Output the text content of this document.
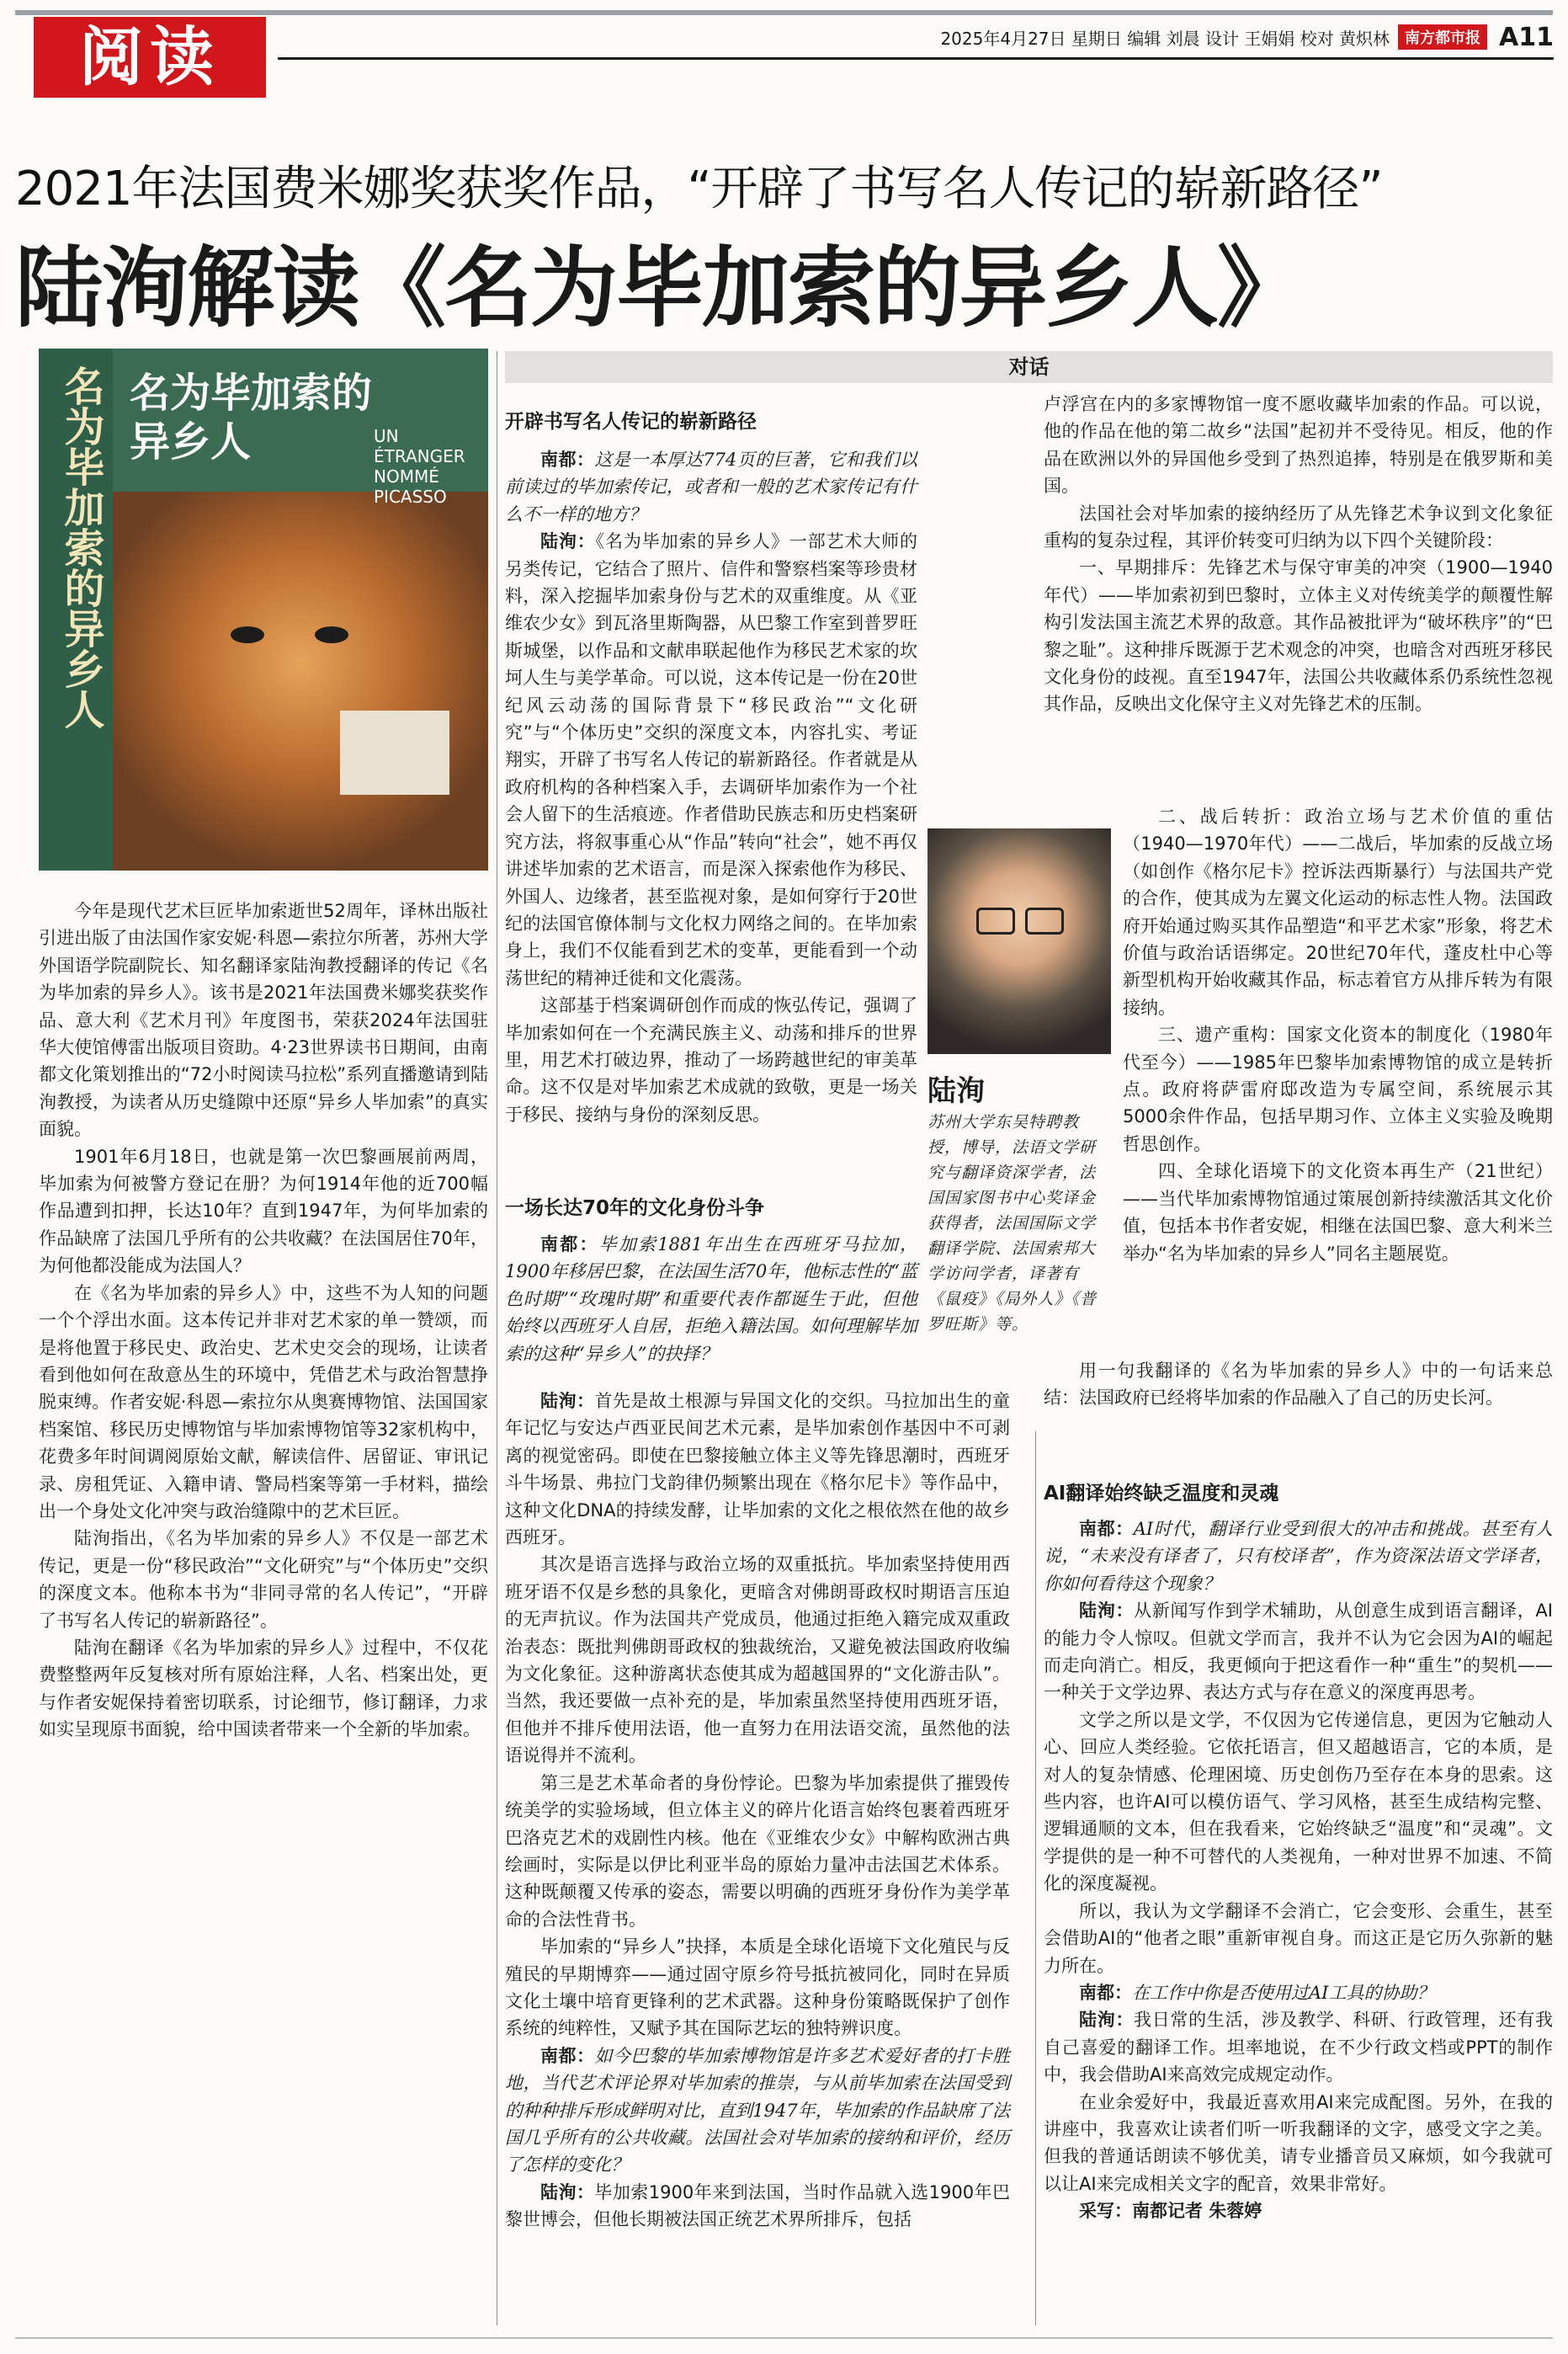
阅读	2025年4月27日 星期日 编辑 刘晨 设计 王娟娟 校对 黄炽林	南方都市报 A11
2021年法国费米娜奖获奖作品，“开辟了书写名人传记的崭新路径”
陆洵解读《名为毕加索的异乡人》
名为毕加索的异乡人 名为毕加索的
异乡人	UN ÉTRANGER NOMMÉ PICASSO

今年是现代艺术巨匠毕加索逝世52周年，译林出版社引进出版了由法国作家安妮·科恩—索拉尔所著，苏州大学外国语学院副院长、知名翻译家陆洵教授翻译的传记《名为毕加索的异乡人》。该书是2021年法国费米娜奖获奖作品、意大利《艺术月刊》年度图书，荣获2024年法国驻华大使馆傅雷出版项目资助。4·23世界读书日期间，由南都文化策划推出的“72小时阅读马拉松”系列直播邀请到陆洵教授，为读者从历史缝隙中还原“异乡人毕加索”的真实面貌。

1901年6月18日，也就是第一次巴黎画展前两周，毕加索为何被警方登记在册？为何1914年他的近700幅作品遭到扣押，长达10年？直到1947年，为何毕加索的作品缺席了法国几乎所有的公共收藏？在法国居住70年，为何他都没能成为法国人？

在《名为毕加索的异乡人》中，这些不为人知的问题一个个浮出水面。这本传记并非对艺术家的单一赞颂，而是将他置于移民史、政治史、艺术史交会的现场，让读者看到他如何在敌意丛生的环境中，凭借艺术与政治智慧挣脱束缚。作者安妮·科恩—索拉尔从奥赛博物馆、法国国家档案馆、移民历史博物馆与毕加索博物馆等32家机构中，花费多年时间调阅原始文献，解读信件、居留证、审讯记录、房租凭证、入籍申请、警局档案等第一手材料，描绘出一个身处文化冲突与政治缝隙中的艺术巨匠。

陆洵指出，《名为毕加索的异乡人》不仅是一部艺术传记，更是一份“移民政治”“文化研究”与“个体历史”交织的深度文本。他称本书为“非同寻常的名人传记”，“开辟了书写名人传记的崭新路径”。

陆洵在翻译《名为毕加索的异乡人》过程中，不仅花费整整两年反复核对所有原始注释，人名、档案出处，更与作者安妮保持着密切联系，讨论细节，修订翻译，力求如实呈现原书面貌，给中国读者带来一个全新的毕加索。

对话
开辟书写名人传记的崭新路径

南都：这是一本厚达774页的巨著，它和我们以前读过的毕加索传记，或者和一般的艺术家传记有什么不一样的地方？

陆洵：《名为毕加索的异乡人》一部艺术大师的另类传记，它结合了照片、信件和警察档案等珍贵材料，深入挖掘毕加索身份与艺术的双重维度。从《亚维农少女》到瓦洛里斯陶器，从巴黎工作室到普罗旺斯城堡，以作品和文献串联起他作为移民艺术家的坎坷人生与美学革命。可以说，这本传记是一份在20世纪风云动荡的国际背景下“移民政治”“文化研究”与“个体历史”交织的深度文本，内容扎实、考证翔实，开辟了书写名人传记的崭新路径。作者就是从政府机构的各种档案入手，去调研毕加索作为一个社会人留下的生活痕迹。作者借助民族志和历史档案研究方法，将叙事重心从“作品”转向“社会”，她不再仅讲述毕加索的艺术语言，而是深入探索他作为移民、外国人、边缘者，甚至监视对象，是如何穿行于20世纪的法国官僚体制与文化权力网络之间的。在毕加索身上，我们不仅能看到艺术的变革，更能看到一个动荡世纪的精神迁徙和文化震荡。

这部基于档案调研创作而成的恢弘传记，强调了毕加索如何在一个充满民族主义、动荡和排斥的世界里，用艺术打破边界，推动了一场跨越世纪的审美革命。这不仅是对毕加索艺术成就的致敬，更是一场关于移民、接纳与身份的深刻反思。

陆洵
苏州大学东吴特聘教授，博导，法语文学研究与翻译资深学者，法国国家图书中心奖译金获得者，法国国际文学翻译学院、法国索邦大学访问学者，译著有《鼠疫》《局外人》《普罗旺斯》等。
一场长达70年的文化身份斗争

南都：毕加索1881年出生在西班牙马拉加，1900年移居巴黎，在法国生活70年，他标志性的“蓝色时期”“玫瑰时期”和重要代表作都诞生于此，但他始终以西班牙人自居，拒绝入籍法国。如何理解毕加索的这种“异乡人”的抉择？

陆洵：首先是故土根源与异国文化的交织。马拉加出生的童年记忆与安达卢西亚民间艺术元素，是毕加索创作基因中不可剥离的视觉密码。即使在巴黎接触立体主义等先锋思潮时，西班牙斗牛场景、弗拉门戈韵律仍频繁出现在《格尔尼卡》等作品中，这种文化DNA的持续发酵，让毕加索的文化之根依然在他的故乡西班牙。

其次是语言选择与政治立场的双重抵抗。毕加索坚持使用西班牙语不仅是乡愁的具象化，更暗含对佛朗哥政权时期语言压迫的无声抗议。作为法国共产党成员，他通过拒绝入籍完成双重政治表态：既批判佛朗哥政权的独裁统治，又避免被法国政府收编为文化象征。这种游离状态使其成为超越国界的“文化游击队”。当然，我还要做一点补充的是，毕加索虽然坚持使用西班牙语，但他并不排斥使用法语，他一直努力在用法语交流，虽然他的法语说得并不流利。

第三是艺术革命者的身份悖论。巴黎为毕加索提供了摧毁传统美学的实验场域，但立体主义的碎片化语言始终包裹着西班牙巴洛克艺术的戏剧性内核。他在《亚维农少女》中解构欧洲古典绘画时，实际是以伊比利亚半岛的原始力量冲击法国艺术体系。这种既颠覆又传承的姿态，需要以明确的西班牙身份作为美学革命的合法性背书。

毕加索的“异乡人”抉择，本质是全球化语境下文化殖民与反殖民的早期博弈——通过固守原乡符号抵抗被同化，同时在异质文化土壤中培育更锋利的艺术武器。这种身份策略既保护了创作系统的纯粹性，又赋予其在国际艺坛的独特辨识度。

南都：如今巴黎的毕加索博物馆是许多艺术爱好者的打卡胜地，当代艺术评论界对毕加索的推崇，与从前毕加索在法国受到的种种排斥形成鲜明对比，直到1947年，毕加索的作品缺席了法国几乎所有的公共收藏。法国社会对毕加索的接纳和评价，经历了怎样的变化？

陆洵：毕加索1900年来到法国，当时作品就入选1900年巴黎世博会，但他长期被法国正统艺术界所排斥，包括

卢浮宫在内的多家博物馆一度不愿收藏毕加索的作品。可以说，他的作品在他的第二故乡“法国”起初并不受待见。相反，他的作品在欧洲以外的异国他乡受到了热烈追捧，特别是在俄罗斯和美国。

法国社会对毕加索的接纳经历了从先锋艺术争议到文化象征重构的复杂过程，其评价转变可归纳为以下四个关键阶段：

一、早期排斥：先锋艺术与保守审美的冲突（1900—1940年代）——毕加索初到巴黎时，立体主义对传统美学的颠覆性解构引发法国主流艺术界的敌意。其作品被批评为“破坏秩序”的“巴黎之耻”。这种排斥既源于艺术观念的冲突，也暗含对西班牙移民文化身份的歧视。直至1947年，法国公共收藏体系仍系统性忽视其作品，反映出文化保守主义对先锋艺术的压制。

二、战后转折：政治立场与艺术价值的重估（1940—1970年代）——二战后，毕加索的反战立场（如创作《格尔尼卡》控诉法西斯暴行）与法国共产党的合作，使其成为左翼文化运动的标志性人物。法国政府开始通过购买其作品塑造“和平艺术家”形象，将艺术价值与政治话语绑定。20世纪70年代，蓬皮杜中心等新型机构开始收藏其作品，标志着官方从排斥转为有限接纳。

三、遗产重构：国家文化资本的制度化（1980年代至今）——1985年巴黎毕加索博物馆的成立是转折点。政府将萨雷府邸改造为专属空间，系统展示其5000余件作品，包括早期习作、立体主义实验及晚期哲思创作。

四、全球化语境下的文化资本再生产（21世纪）——当代毕加索博物馆通过策展创新持续激活其文化价值，包括本书作者安妮，相继在法国巴黎、意大利米兰举办“名为毕加索的异乡人”同名主题展览。

用一句我翻译的《名为毕加索的异乡人》中的一句话来总结：法国政府已经将毕加索的作品融入了自己的历史长河。

AI翻译始终缺乏温度和灵魂

南都：AI时代，翻译行业受到很大的冲击和挑战。甚至有人说，“未来没有译者了，只有校译者”，作为资深法语文学译者，你如何看待这个现象？

陆洵：从新闻写作到学术辅助，从创意生成到语言翻译，AI的能力令人惊叹。但就文学而言，我并不认为它会因为AI的崛起而走向消亡。相反，我更倾向于把这看作一种“重生”的契机——一种关于文学边界、表达方式与存在意义的深度再思考。

文学之所以是文学，不仅因为它传递信息，更因为它触动人心、回应人类经验。它依托语言，但又超越语言，它的本质，是对人的复杂情感、伦理困境、历史创伤乃至存在本身的思索。这些内容，也许AI可以模仿语气、学习风格，甚至生成结构完整、逻辑通顺的文本，但在我看来，它始终缺乏“温度”和“灵魂”。文学提供的是一种不可替代的人类视角，一种对世界不加速、不简化的深度凝视。

所以，我认为文学翻译不会消亡，它会变形、会重生，甚至会借助AI的“他者之眼”重新审视自身。而这正是它历久弥新的魅力所在。

南都：在工作中你是否使用过AI工具的协助？

陆洵：我日常的生活，涉及教学、科研、行政管理，还有我自己喜爱的翻译工作。坦率地说，在不少行政文档或PPT的制作中，我会借助AI来高效完成规定动作。

在业余爱好中，我最近喜欢用AI来完成配图。另外，在我的讲座中，我喜欢让读者们听一听我翻译的文字，感受文字之美。但我的普通话朗读不够优美，请专业播音员又麻烦，如今我就可以让AI来完成相关文字的配音，效果非常好。

采写：南都记者 朱蓉婷
